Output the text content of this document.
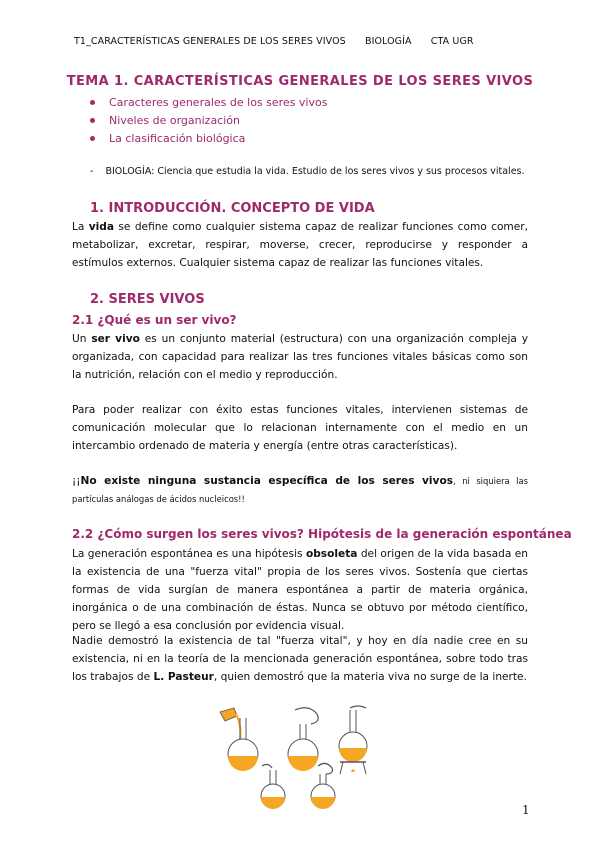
T1_CARACTERÍSTICAS GENERALES DE LOS SERES VIVOS BIOLOGÍA CTA UGR
TEMA 1. CARACTERÍSTICAS GENERALES DE LOS SERES VIVOS
Caracteres generales de los seres vivos
Niveles de organización
La clasificación biológica
- BIOLOGÍA: Ciencia que estudia la vida. Estudio de los seres vivos y sus procesos vitales.
1. INTRODUCCIÓN. CONCEPTO DE VIDA
La vida se define como cualquier sistema capaz de realizar funciones como comer, metabolizar, excretar, respirar, moverse, crecer, reproducirse y responder a estímulos externos. Cualquier sistema capaz de realizar las funciones vitales.
2. SERES VIVOS
2.1 ¿Qué es un ser vivo?
Un ser vivo es un conjunto material (estructura) con una organización compleja y organizada, con capacidad para realizar las tres funciones vitales básicas como son la nutrición, relación con el medio y reproducción.
Para poder realizar con éxito estas funciones vitales, intervienen sistemas de comunicación molecular que lo relacionan internamente con el medio en un intercambio ordenado de materia y energía (entre otras características).
¡¡No existe ninguna sustancia específica de los seres vivos, ni siquiera las partículas análogas de ácidos nucleicos!!
2.2 ¿Cómo surgen los seres vivos? Hipótesis de la generación espontánea
La generación espontánea es una hipótesis obsoleta del origen de la vida basada en la existencia de una "fuerza vital" propia de los seres vivos. Sostenía que ciertas formas de vida surgían de manera espontánea a partir de materia orgánica, inorgánica o de una combinación de éstas. Nunca se obtuvo por método científico, pero se llegó a esa conclusión por evidencia visual.
Nadie demostró la existencia de tal "fuerza vital", y hoy en día nadie cree en su existencia, ni en la teoría de la mencionada generación espontánea, sobre todo tras los trabajos de L. Pasteur, quien demostró que la materia viva no surge de la inerte.
1
